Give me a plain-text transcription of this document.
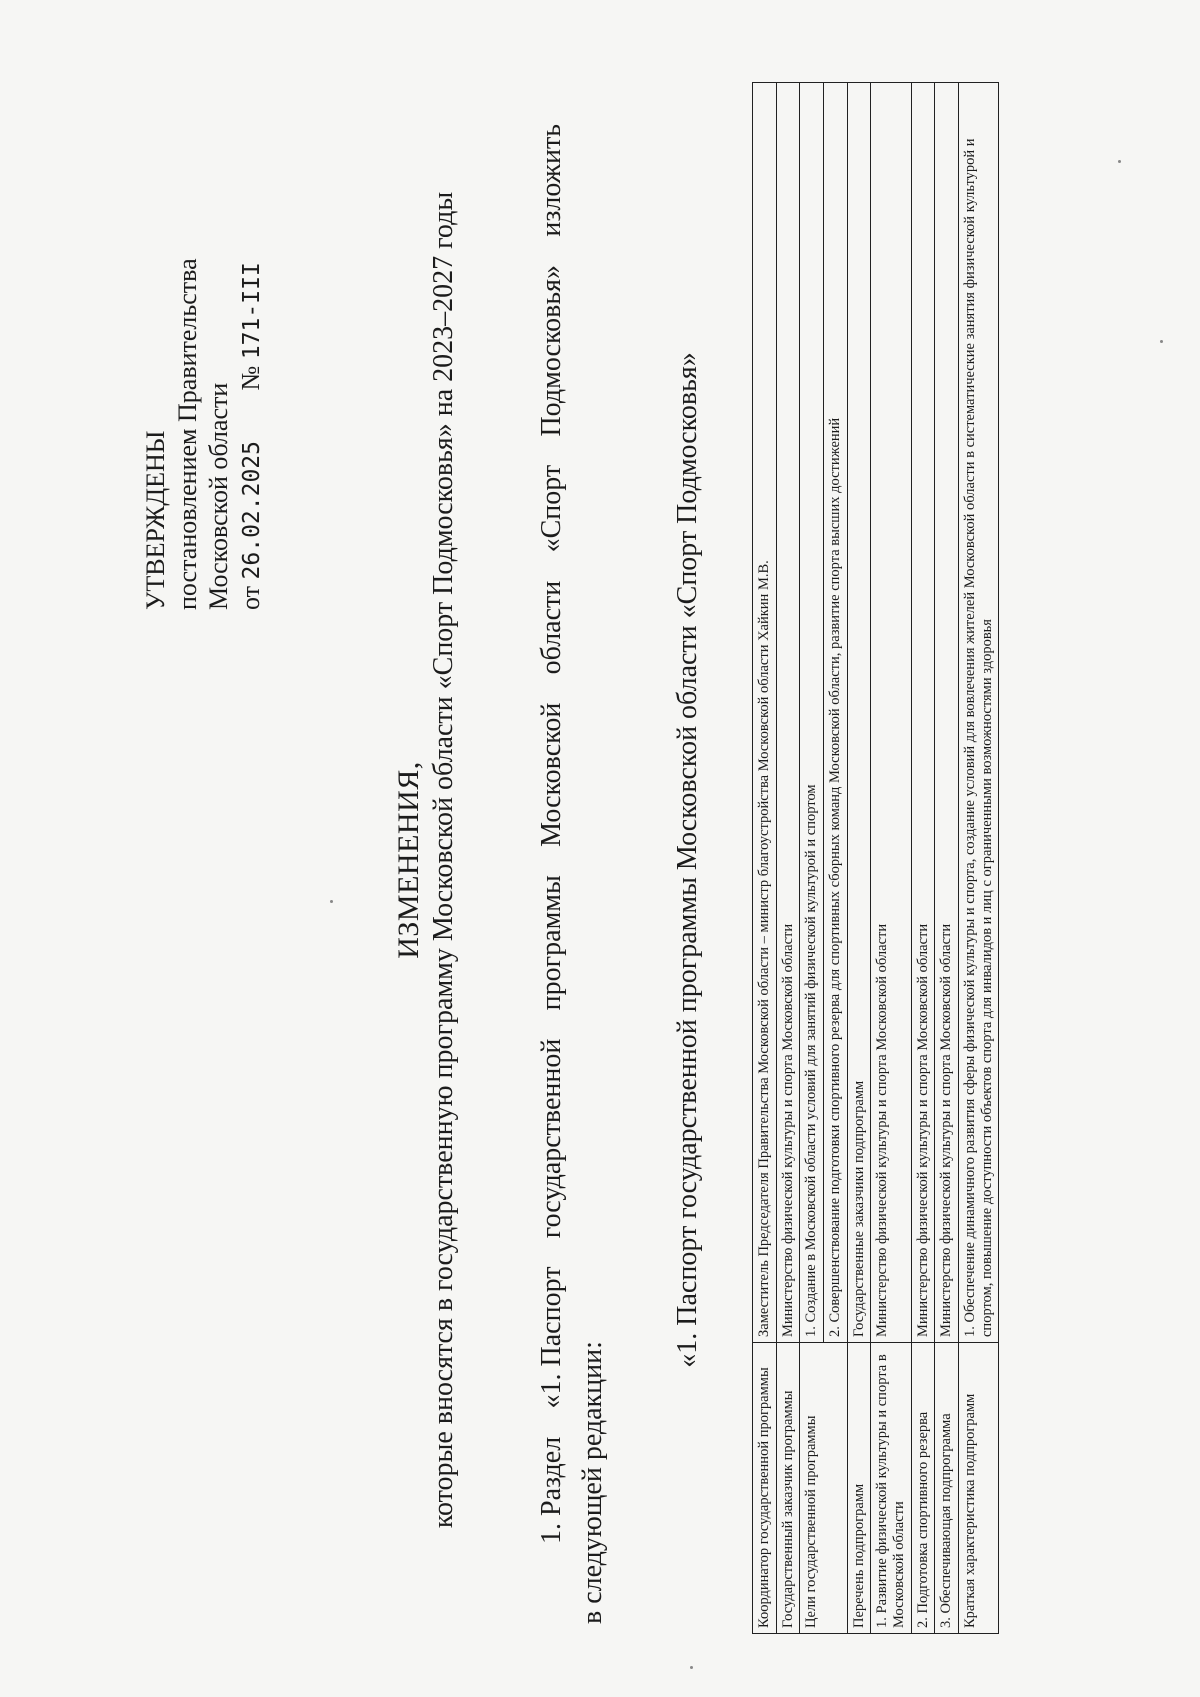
УТВЕРЖДЕНЫ постановлением Правительства Московской области от 26.02.2025 № 171-III
ИЗМЕНЕНИЯ, которые вносятся в государственную программу Московской области «Спорт Подмосковья» на 2023–2027 годы	1. Раздел
«1. Паспорт
государственной
программы
Московской
области
«Спорт
Подмосковья»
изложить
в следующей редакции:
«1. Паспорт государственной программы Московской области «Спорт Подмосковья»
Координатор государственной программы	Заместитель Председателя Правительства Московской области – министр благоустройства Московской области Хайкин М.В.
Государственный заказчик программы	Министерство физической культуры и спорта Московской области
Цели государственной программы	1. Создание в Московской области условий для занятий физической культурой и спортом
	2. Совершенствование подготовки спортивного резерва для спортивных сборных команд Московской области, развитие спорта высших достижений
Перечень подпрограмм	Государственные заказчики подпрограмм
1. Развитие физической культуры и спорта в Московской области	Министерство физической культуры и спорта Московской области
2. Подготовка спортивного резерва	Министерство физической культуры и спорта Московской области
3. Обеспечивающая подпрограмма	Министерство физической культуры и спорта Московской области
Краткая характеристика подпрограмм	1. Обеспечение динамичного развития сферы физической культуры и спорта, создание условий для вовлечения жителей Московской области в систематические занятия физической культурой и спортом, повышение доступности объектов спорта для инвалидов и лиц с ограниченными возможностями здоровья
